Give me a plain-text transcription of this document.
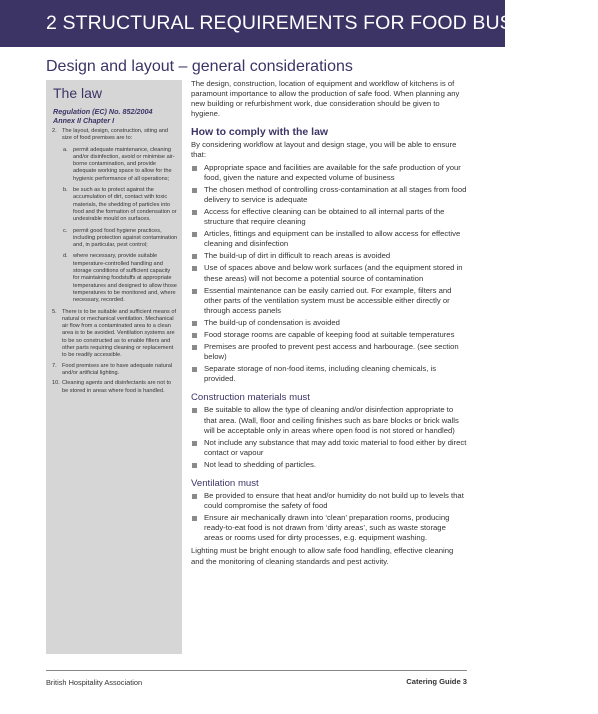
2 STRUCTURAL REQUIREMENTS FOR FOOD BUSINESSES
Design and layout – general considerations
The law
Regulation (EC) No. 852/2004
Annex II Chapter I
2. The layout, design, construction, siting and size of food premises are to:
a. permit adequate maintenance, cleaning and/or disinfection, avoid or minimise air-borne contamination, and provide adequate working space to allow for the hygienic performance of all operations;
b. be such as to protect against the accumulation of dirt, contact with toxic materials, the shedding of particles into food and the formation of condensation or undesirable mould on surfaces.
c. permit good food hygiene practices, including protection against contamination and, in particular, pest control;
d. where necessary, provide suitable temperature-controlled handling and storage conditions of sufficient capacity for maintaining foodstuffs at appropriate temperatures and designed to allow those temperatures to be monitored and, where necessary, recorded.
5. There is to be suitable and sufficient means of natural or mechanical ventilation. Mechanical air flow from a contaminated area to a clean area is to be avoided. Ventilation systems are to be so constructed as to enable filters and other parts requiring cleaning or replacement to be readily accessible.
7. Food premises are to have adequate natural and/or artificial lighting.
10. Cleaning agents and disinfectants are not to be stored in areas where food is handled.

The design, construction, location of equipment and workflow of kitchens is of paramount importance to allow the production of safe food. When planning any new building or refurbishment work, due consideration should be given to hygiene.

How to comply with the law

By considering workflow at layout and design stage, you will be able to ensure that:

Appropriate space and facilities are available for the safe production of your food, given the nature and expected volume of business
The chosen method of controlling cross-contamination at all stages from food delivery to service is adequate
Access for effective cleaning can be obtained to all internal parts of the structure that require cleaning
Articles, fittings and equipment can be installed to allow access for effective cleaning and disinfection
The build-up of dirt in difficult to reach areas is avoided
Use of spaces above and below work surfaces (and the equipment stored in these areas) will not become a potential source of contamination
Essential maintenance can be easily carried out. For example, filters and other parts of the ventilation system must be accessible either directly or through access panels
The build-up of condensation is avoided
Food storage rooms are capable of keeping food at suitable temperatures
Premises are proofed to prevent pest access and harbourage. (see section below)
Separate storage of non-food items, including cleaning chemicals, is provided.
Construction materials must
Be suitable to allow the type of cleaning and/or disinfection appropriate to that area. (Wall, floor and ceiling finishes such as bare blocks or brick walls will be acceptable only in areas where open food is not stored or handled)
Not include any substance that may add toxic material to food either by direct contact or vapour
Not lead to shedding of particles.
Ventilation must
Be provided to ensure that heat and/or humidity do not build up to levels that could compromise the safety of food
Ensure air mechanically drawn into ‘clean’ preparation rooms, producing ready-to-eat food is not drawn from ‘dirty areas’, such as waste storage areas or rooms used for dirty processes, e.g. equipment washing.

Lighting must be bright enough to allow safe food handling, effective cleaning and the monitoring of cleaning standards and pest activity.

British Hospitality Association	Catering Guide 3
